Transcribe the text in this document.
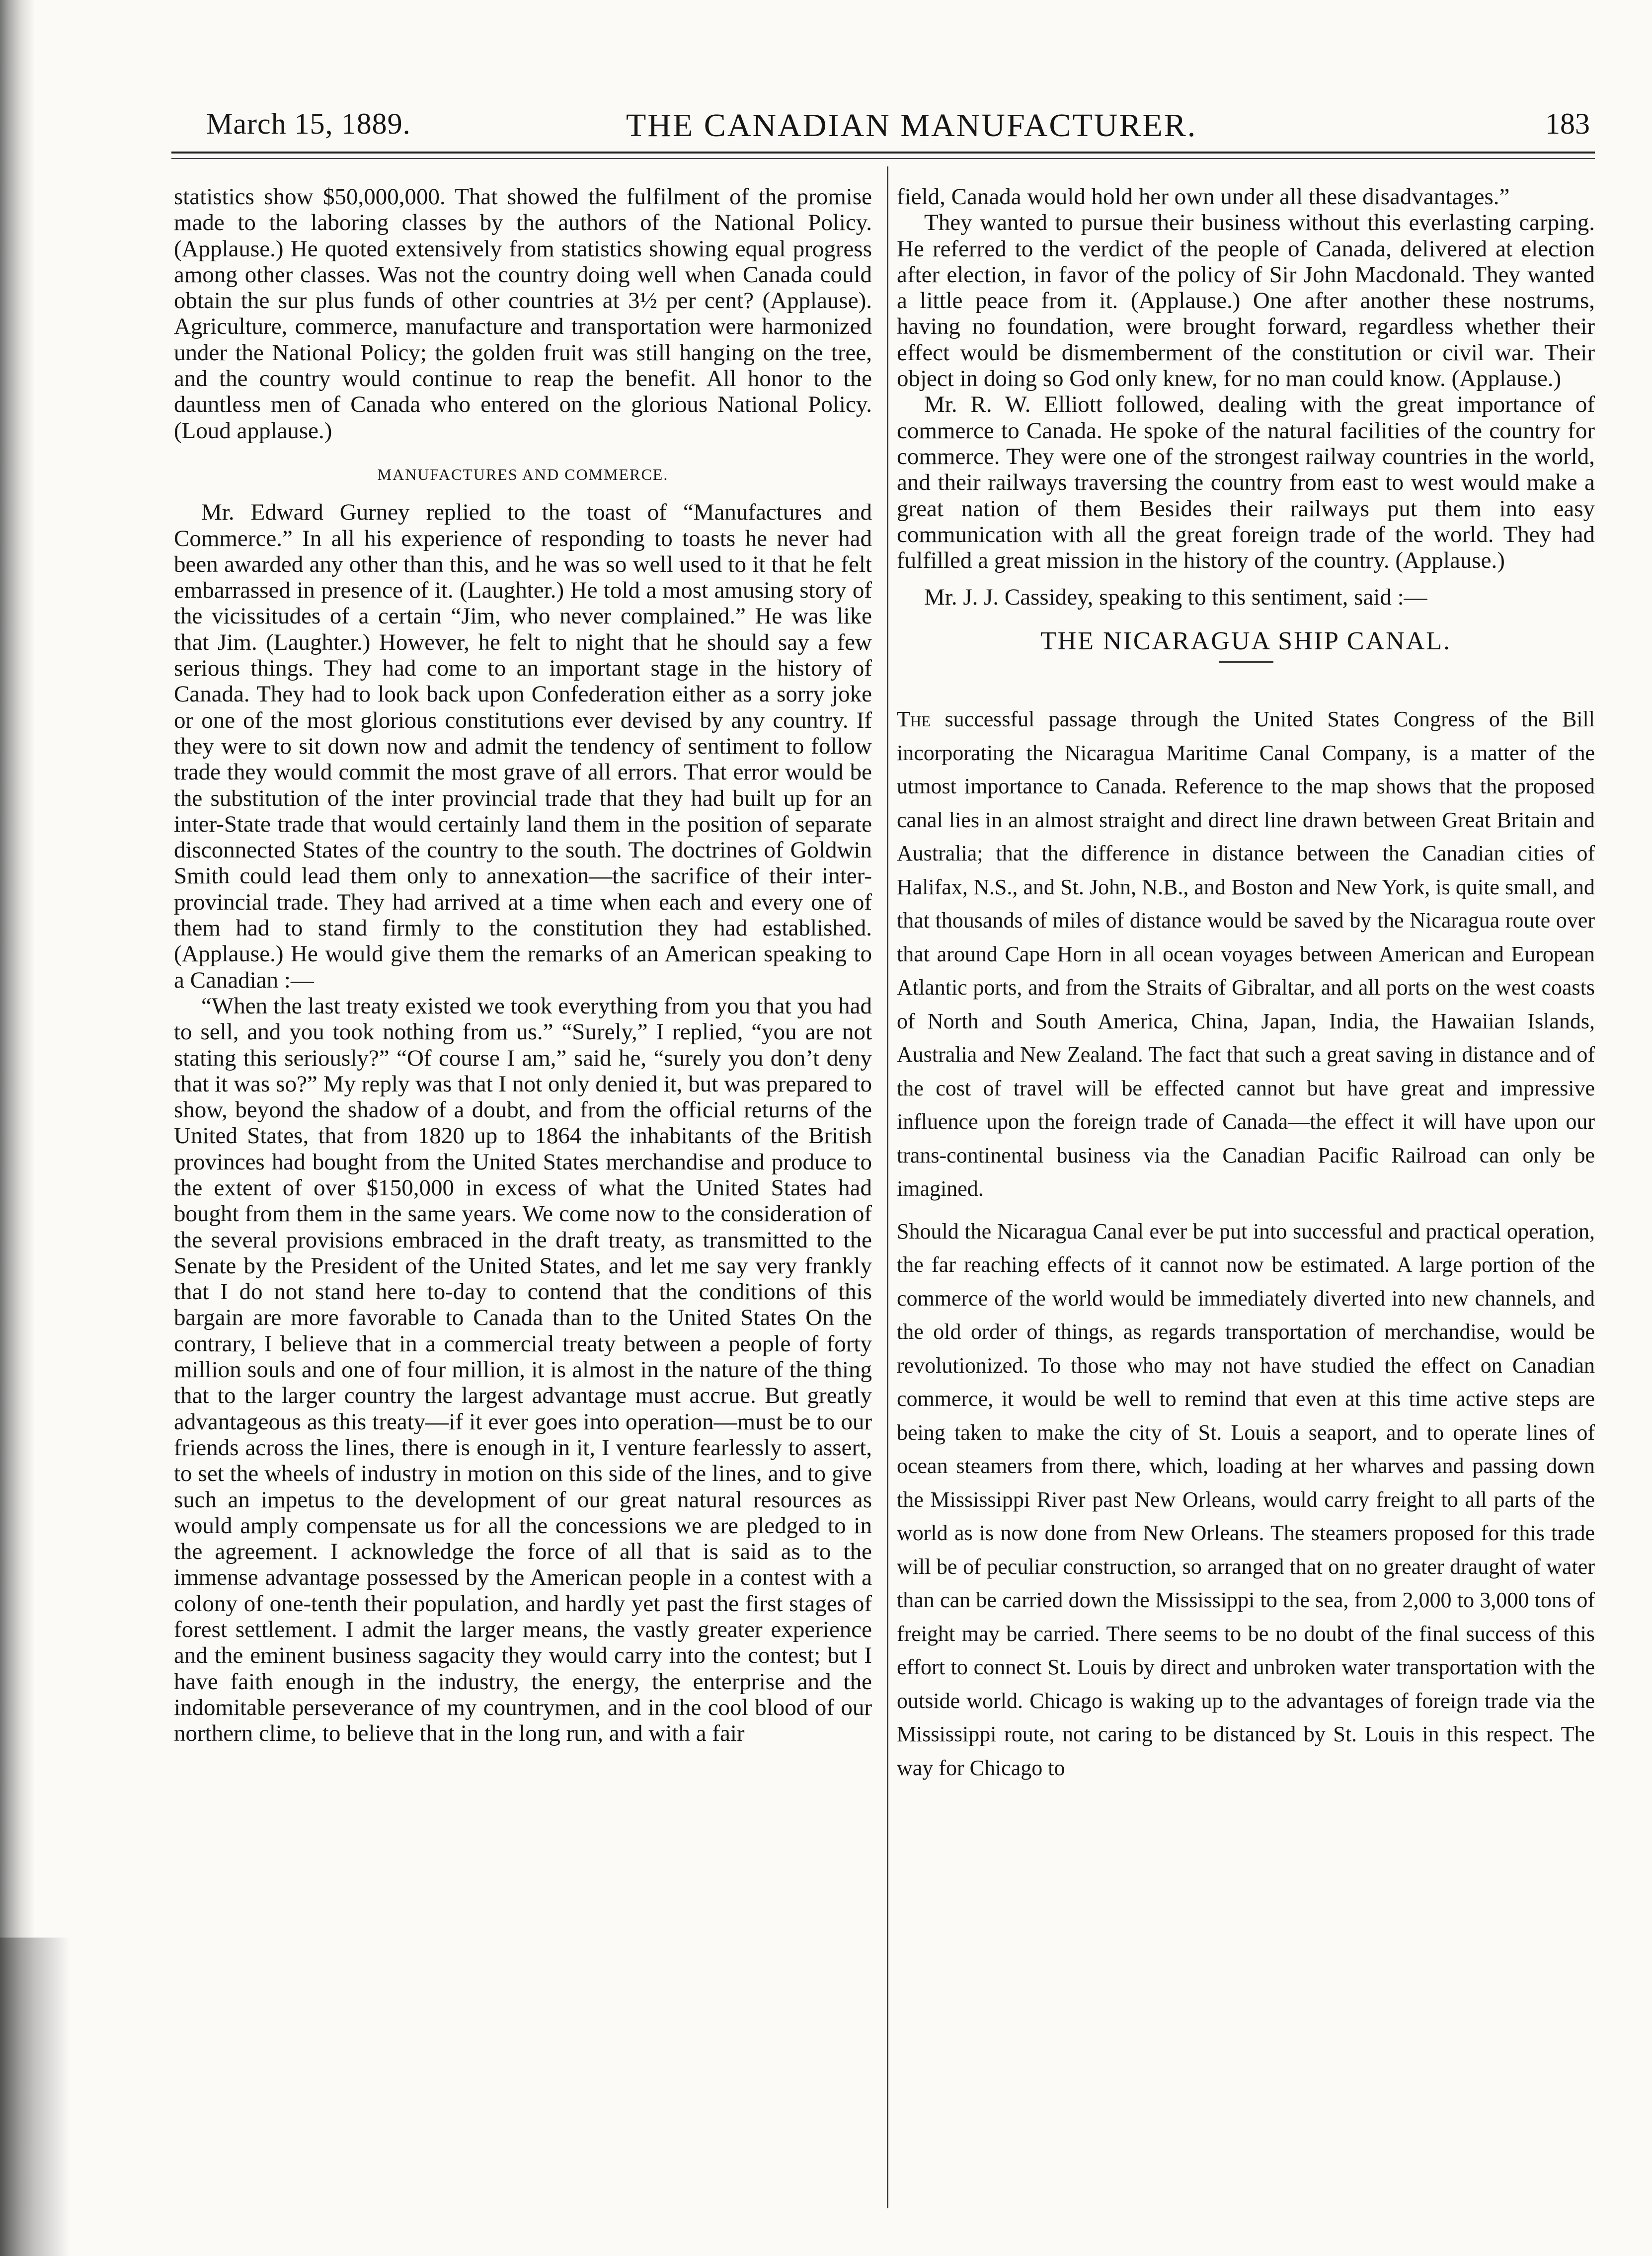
March 15, 1889.	THE CANADIAN MANUFACTURER.	183

statistics show $50,000,000. That showed the fulfilment of the promise made to the laboring classes by the authors of the National Policy. (Applause.) He quoted extensively from statistics showing equal progress among other classes. Was not the country doing well when Canada could obtain the sur plus funds of other countries at 3½ per cent? (Applause). Agriculture, commerce, manufacture and transportation were harmonized under the National Policy; the golden fruit was still hanging on the tree, and the country would continue to reap the benefit. All honor to the dauntless men of Canada who entered on the glorious National Policy. (Loud applause.)

MANUFACTURES AND COMMERCE.

Mr. Edward Gurney replied to the toast of “Manufactures and Commerce.” In all his experience of responding to toasts he never had been awarded any other than this, and he was so well used to it that he felt embarrassed in presence of it. (Laughter.) He told a most amusing story of the vicissitudes of a certain “Jim, who never complained.” He was like that Jim. (Laughter.) However, he felt to night that he should say a few serious things. They had come to an important stage in the history of Canada. They had to look back upon Confederation either as a sorry joke or one of the most glorious constitutions ever devised by any country. If they were to sit down now and admit the tendency of sentiment to follow trade they would commit the most grave of all errors. That error would be the substitution of the inter provincial trade that they had built up for an inter-State trade that would certainly land them in the position of separate disconnected States of the country to the south. The doctrines of Goldwin Smith could lead them only to annexation—the sacrifice of their inter-provincial trade. They had arrived at a time when each and every one of them had to stand firmly to the constitution they had established. (Applause.) He would give them the remarks of an American speaking to a Canadian :—

“When the last treaty existed we took everything from you that you had to sell, and you took nothing from us.” “Surely,” I replied, “you are not stating this seriously?” “Of course I am,” said he, “surely you don’t deny that it was so?” My reply was that I not only denied it, but was prepared to show, beyond the shadow of a doubt, and from the official returns of the United States, that from 1820 up to 1864 the inhabitants of the British provinces had bought from the United States merchandise and produce to the extent of over $150,000 in excess of what the United States had bought from them in the same years. We come now to the consideration of the several provisions embraced in the draft treaty, as transmitted to the Senate by the President of the United States, and let me say very frankly that I do not stand here to-day to contend that the conditions of this bargain are more favorable to Canada than to the United States On the contrary, I believe that in a commercial treaty between a people of forty million souls and one of four million, it is almost in the nature of the thing that to the larger country the largest advantage must accrue. But greatly advantageous as this treaty—if it ever goes into operation—must be to our friends across the lines, there is enough in it, I venture fearlessly to assert, to set the wheels of industry in motion on this side of the lines, and to give such an impetus to the development of our great natural resources as would amply compensate us for all the concessions we are pledged to in the agreement. I acknowledge the force of all that is said as to the immense advantage possessed by the American people in a contest with a colony of one-tenth their population, and hardly yet past the first stages of forest settlement. I admit the larger means, the vastly greater experience and the eminent business sagacity they would carry into the contest; but I have faith enough in the industry, the energy, the enterprise and the indomitable perseverance of my countrymen, and in the cool blood of our northern clime, to believe that in the long run, and with a fair

field, Canada would hold her own under all these disadvantages.”

They wanted to pursue their business without this everlasting carping. He referred to the verdict of the people of Canada, delivered at election after election, in favor of the policy of Sir John Macdonald. They wanted a little peace from it. (Applause.) One after another these nostrums, having no foundation, were brought forward, regardless whether their effect would be dismemberment of the constitution or civil war. Their object in doing so God only knew, for no man could know. (Applause.)

Mr. R. W. Elliott followed, dealing with the great importance of commerce to Canada. He spoke of the natural facilities of the country for commerce. They were one of the strongest railway countries in the world, and their railways traversing the country from east to west would make a great nation of them Besides their railways put them into easy communication with all the great foreign trade of the world. They had fulfilled a great mission in the history of the country. (Applause.)

Mr. J. J. Cassidey, speaking to this sentiment, said :—

THE NICARAGUA SHIP CANAL.

The successful passage through the United States Congress of the Bill incorporating the Nicaragua Maritime Canal Company, is a matter of the utmost importance to Canada. Reference to the map shows that the proposed canal lies in an almost straight and direct line drawn between Great Britain and Australia; that the difference in distance between the Canadian cities of Halifax, N.S., and St. John, N.B., and Boston and New York, is quite small, and that thousands of miles of distance would be saved by the Nicaragua route over that around Cape Horn in all ocean voyages between American and European Atlantic ports, and from the Straits of Gibraltar, and all ports on the west coasts of North and South America, China, Japan, India, the Hawaiian Islands, Australia and New Zealand. The fact that such a great saving in distance and of the cost of travel will be effected cannot but have great and impressive influence upon the foreign trade of Canada—the effect it will have upon our trans-continental business via the Canadian Pacific Railroad can only be imagined.

Should the Nicaragua Canal ever be put into successful and practical operation, the far reaching effects of it cannot now be estimated. A large portion of the commerce of the world would be immediately diverted into new channels, and the old order of things, as regards transportation of merchandise, would be revolutionized. To those who may not have studied the effect on Canadian commerce, it would be well to remind that even at this time active steps are being taken to make the city of St. Louis a seaport, and to operate lines of ocean steamers from there, which, loading at her wharves and passing down the Mississippi River past New Orleans, would carry freight to all parts of the world as is now done from New Orleans. The steamers proposed for this trade will be of peculiar construction, so arranged that on no greater draught of water than can be carried down the Mississippi to the sea, from 2,000 to 3,000 tons of freight may be carried. There seems to be no doubt of the final success of this effort to connect St. Louis by direct and unbroken water transportation with the outside world. Chicago is waking up to the advantages of foreign trade via the Mississippi route, not caring to be distanced by St. Louis in this respect. The way for Chicago to
